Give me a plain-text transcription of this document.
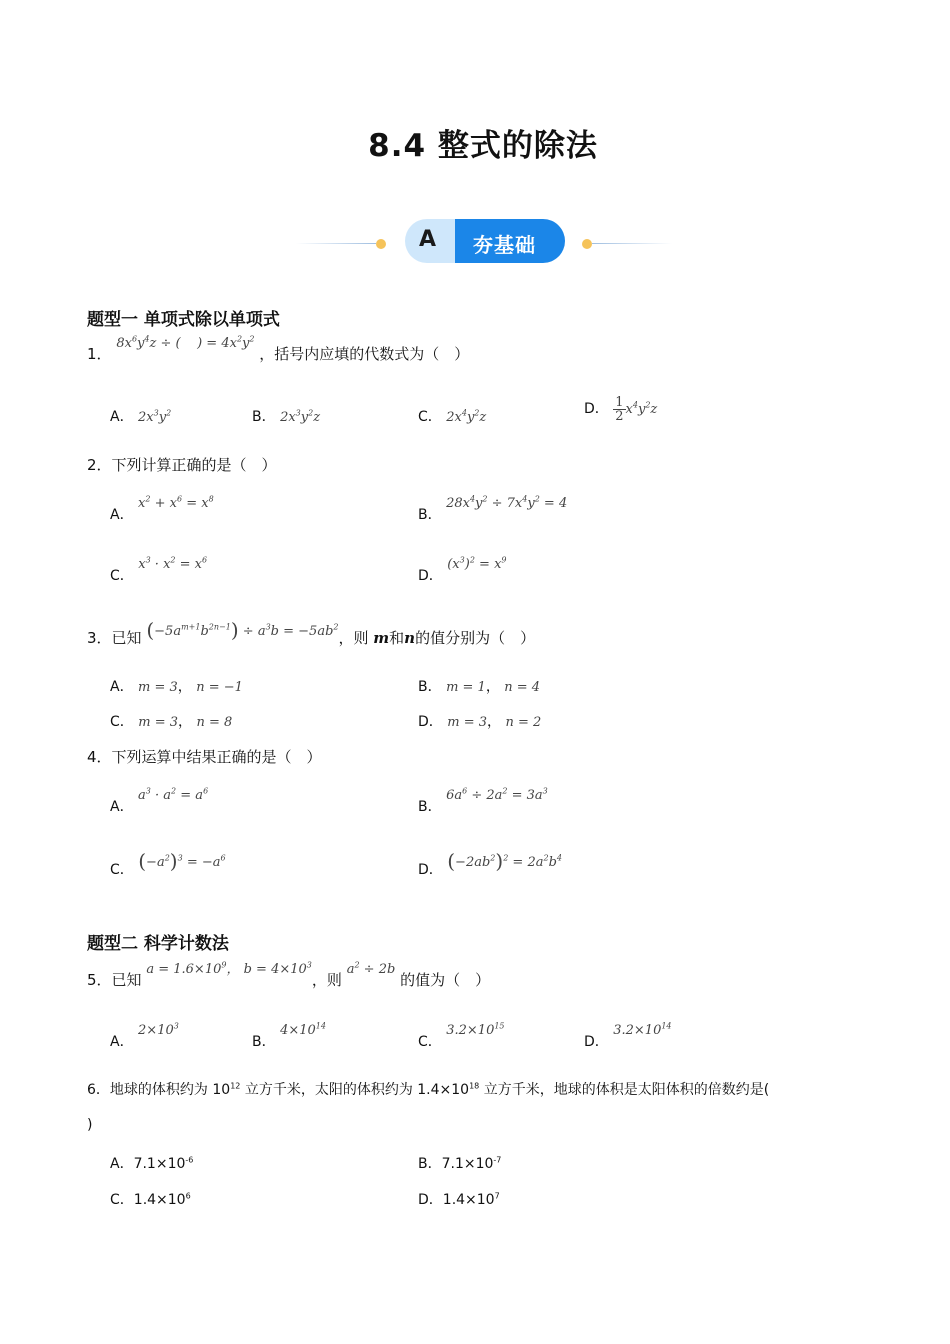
8.4 整式的除法
A 夯基础
题型一 单项式除以单项式
1． $8x^6y^4z$ ÷ (    ) = $4x^2y^2$ ，括号内应填的代数式为（　）
A． $2x^3y^2$	B． $2x^3y^2z$	C． $2x^4y^2z$
D． $\frac{1}{2} x^4y^2z$
2．下列计算正确的是（　）
A． $x^2 + x^6 = x^8$
B． $28x^4y^2 \div 7x^4y^2 = 4$
C． $x^3 \cdot x^2 = x^6$
D． $(x^3)^2 = x^9$
3．已知 $(-5a^{m+1}b^{2n-1}) \div a^3b = -5ab^2$，则 m和n的值分别为（　）
A． m = 3， n = −1	B． m = 1， n = 4
C． m = 3， n = 8	D． m = 3， n = 2
4．下列运算中结果正确的是（　）
A． $a^3 \cdot a^2 = a^6$
B． $6a^6 \div 2a^2 = 3a^3$
C． $(-a^2)^3 = -a^6$
D． $(-2ab^2)^2 = 2a^2b^4$
题型二 科学计数法
5．已知 $a = 1.6\times 10^9$， $b = 4\times 10^3$，则 $a^2 \div 2b$ 的值为（　）
A． $2\times 10^3$
B． $4\times 10^{14}$
C． $3.2\times 10^{15}$
D． $3.2\times 10^{14}$
6．地球的体积约为 $10^{12}$ 立方千米，太阳的体积约为 $1.4\times 10^{18}$ 立方千米，地球的体积是太阳体积的倍数约是(
)
A．$7.1\times 10^{-6}$	B．$7.1\times 10^{-7}$
C．$1.4\times 10^6$	D．$1.4\times 10^7$
